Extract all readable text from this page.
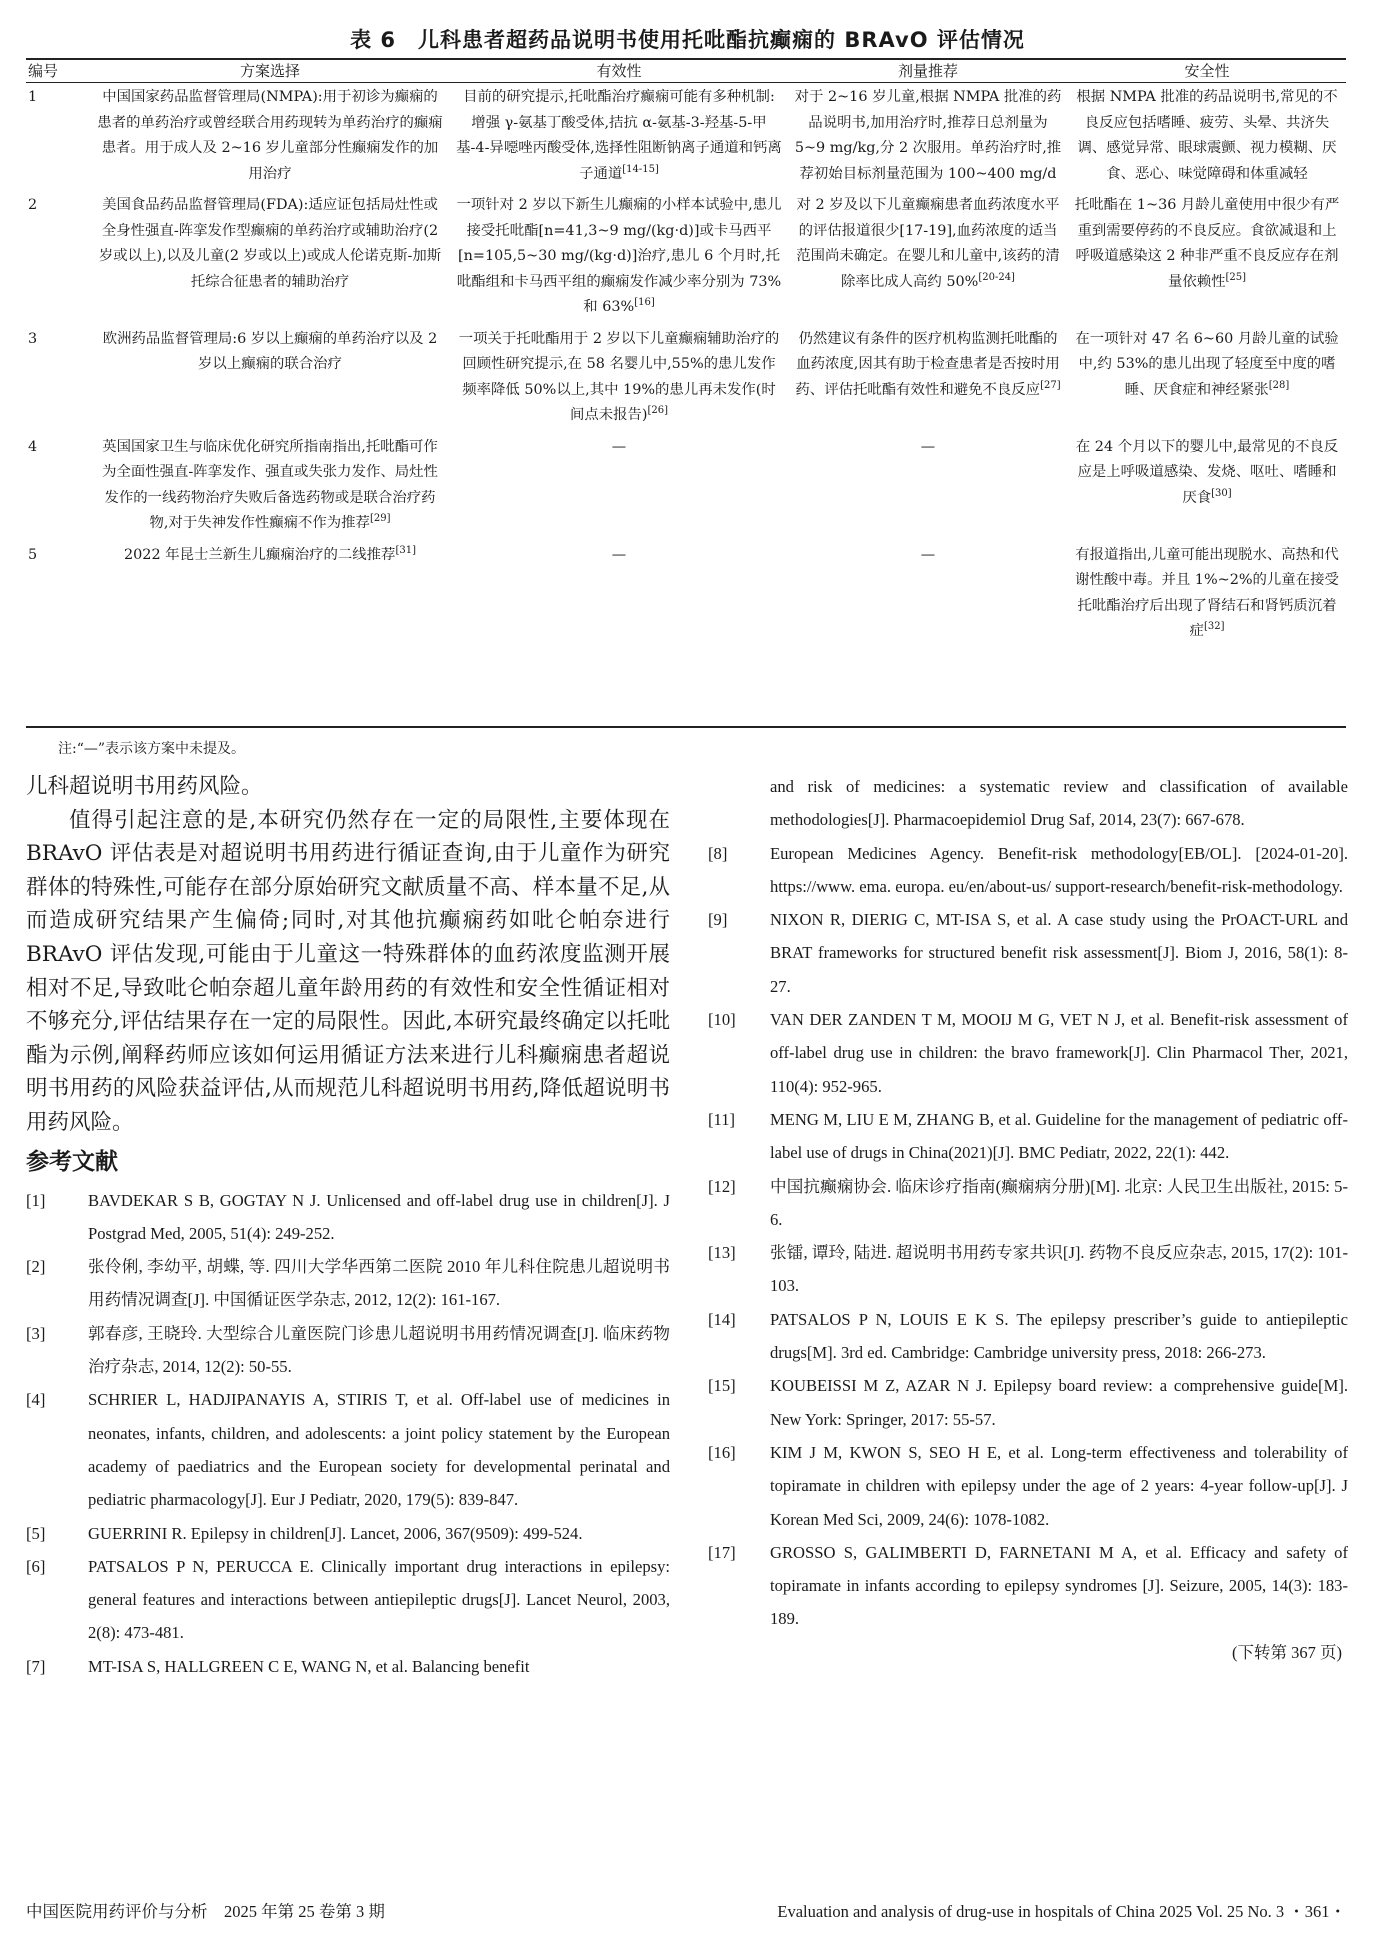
表 6　儿科患者超药品说明书使用托吡酯抗癫痫的 BRAvO 评估情况
编号	方案选择	有效性	剂量推荐	安全性
1	中国国家药品监督管理局(NMPA):用于初诊为癫痫的患者的单药治疗或曾经联合用药现转为单药治疗的癫痫患者。用于成人及 2~16 岁儿童部分性癫痫发作的加用治疗	目前的研究提示,托吡酯治疗癫痫可能有多种机制:增强 γ-氨基丁酸受体,拮抗 α-氨基-3-羟基-5-甲基-4-异噁唑丙酸受体,选择性阻断钠离子通道和钙离子通道[14-15]	对于 2~16 岁儿童,根据 NMPA 批准的药品说明书,加用治疗时,推荐日总剂量为 5~9 mg/kg,分 2 次服用。单药治疗时,推荐初始目标剂量范围为 100~400 mg/d	根据 NMPA 批准的药品说明书,常见的不良反应包括嗜睡、疲劳、头晕、共济失调、感觉异常、眼球震颤、视力模糊、厌食、恶心、味觉障碍和体重减轻
2	美国食品药品监督管理局(FDA):适应证包括局灶性或全身性强直-阵挛发作型癫痫的单药治疗或辅助治疗(2 岁或以上),以及儿童(2 岁或以上)或成人伦诺克斯-加斯托综合征患者的辅助治疗	一项针对 2 岁以下新生儿癫痫的小样本试验中,患儿接受托吡酯[n=41,3~9 mg/(kg·d)]或卡马西平[n=105,5~30 mg/(kg·d)]治疗,患儿 6 个月时,托吡酯组和卡马西平组的癫痫发作减少率分别为 73%和 63%[16]	对 2 岁及以下儿童癫痫患者血药浓度水平的评估报道很少[17-19],血药浓度的适当范围尚未确定。在婴儿和儿童中,该药的清除率比成人高约 50%[20-24]	托吡酯在 1~36 月龄儿童使用中很少有严重到需要停药的不良反应。食欲减退和上呼吸道感染这 2 种非严重不良反应存在剂量依赖性[25]
3	欧洲药品监督管理局:6 岁以上癫痫的单药治疗以及 2 岁以上癫痫的联合治疗	一项关于托吡酯用于 2 岁以下儿童癫痫辅助治疗的回顾性研究提示,在 58 名婴儿中,55%的患儿发作频率降低 50%以上,其中 19%的患儿再未发作(时间点未报告)[26]	仍然建议有条件的医疗机构监测托吡酯的血药浓度,因其有助于检查患者是否按时用药、评估托吡酯有效性和避免不良反应[27]	在一项针对 47 名 6~60 月龄儿童的试验中,约 53%的患儿出现了轻度至中度的嗜睡、厌食症和神经紧张[28]
4	英国国家卫生与临床优化研究所指南指出,托吡酯可作为全面性强直-阵挛发作、强直或失张力发作、局灶性发作的一线药物治疗失败后备选药物或是联合治疗药物,对于失神发作性癫痫不作为推荐[29]	—	—	在 24 个月以下的婴儿中,最常见的不良反应是上呼吸道感染、发烧、呕吐、嗜睡和厌食[30]
5	2022 年昆士兰新生儿癫痫治疗的二线推荐[31]	—	—	有报道指出,儿童可能出现脱水、高热和代谢性酸中毒。并且 1%~2%的儿童在接受托吡酯治疗后出现了肾结石和肾钙质沉着症[32]
注:“—”表示该方案中未提及。

儿科超说明书用药风险。

值得引起注意的是,本研究仍然存在一定的局限性,主要体现在 BRAvO 评估表是对超说明书用药进行循证查询,由于儿童作为研究群体的特殊性,可能存在部分原始研究文献质量不高、样本量不足,从而造成研究结果产生偏倚;同时,对其他抗癫痫药如吡仑帕奈进行 BRAvO 评估发现,可能由于儿童这一特殊群体的血药浓度监测开展相对不足,导致吡仑帕奈超儿童年龄用药的有效性和安全性循证相对不够充分,评估结果存在一定的局限性。因此,本研究最终确定以托吡酯为示例,阐释药师应该如何运用循证方法来进行儿科癫痫患者超说明书用药的风险获益评估,从而规范儿科超说明书用药,降低超说明书用药风险。

参考文献
[1]	BAVDEKAR S B, GOGTAY N J. Unlicensed and off-label drug use in children[J]. J Postgrad Med, 2005, 51(4): 249-252.
[2]	张伶俐, 李幼平, 胡蝶, 等. 四川大学华西第二医院 2010 年儿科住院患儿超说明书用药情况调查[J]. 中国循证医学杂志, 2012, 12(2): 161-167.
[3]	郭春彦, 王晓玲. 大型综合儿童医院门诊患儿超说明书用药情况调查[J]. 临床药物治疗杂志, 2014, 12(2): 50-55.
[4]	SCHRIER L, HADJIPANAYIS A, STIRIS T, et al. Off-label use of medicines in neonates, infants, children, and adolescents: a joint policy statement by the European academy of paediatrics and the European society for developmental perinatal and pediatric pharmacology[J]. Eur J Pediatr, 2020, 179(5): 839-847.
[5]	GUERRINI R. Epilepsy in children[J]. Lancet, 2006, 367(9509): 499-524.
[6]	PATSALOS P N, PERUCCA E. Clinically important drug interactions in epilepsy: general features and interactions between antiepileptic drugs[J]. Lancet Neurol, 2003, 2(8): 473-481.
[7]	MT-ISA S, HALLGREEN C E, WANG N, et al. Balancing benefit
and risk of medicines: a systematic review and classification of available methodologies[J]. Pharmacoepidemiol Drug Saf, 2014, 23(7): 667-678.
[8]	European Medicines Agency. Benefit-risk methodology[EB/OL]. [2024-01-20]. https://www. ema. europa. eu/en/about-us/ support-research/benefit-risk-methodology.
[9]	NIXON R, DIERIG C, MT-ISA S, et al. A case study using the PrOACT-URL and BRAT frameworks for structured benefit risk assessment[J]. Biom J, 2016, 58(1): 8-27.
[10]	VAN DER ZANDEN T M, MOOIJ M G, VET N J, et al. Benefit-risk assessment of off-label drug use in children: the bravo framework[J]. Clin Pharmacol Ther, 2021, 110(4): 952-965.
[11]	MENG M, LIU E M, ZHANG B, et al. Guideline for the management of pediatric off-label use of drugs in China(2021)[J]. BMC Pediatr, 2022, 22(1): 442.
[12]	中国抗癫痫协会. 临床诊疗指南(癫痫病分册)[M]. 北京: 人民卫生出版社, 2015: 5-6.
[13]	张镭, 谭玲, 陆进. 超说明书用药专家共识[J]. 药物不良反应杂志, 2015, 17(2): 101-103.
[14]	PATSALOS P N, LOUIS E K S. The epilepsy prescriber’s guide to antiepileptic drugs[M]. 3rd ed. Cambridge: Cambridge university press, 2018: 266-273.
[15]	KOUBEISSI M Z, AZAR N J. Epilepsy board review: a comprehensive guide[M]. New York: Springer, 2017: 55-57.
[16]	KIM J M, KWON S, SEO H E, et al. Long-term effectiveness and tolerability of topiramate in children with epilepsy under the age of 2 years: 4-year follow-up[J]. J Korean Med Sci, 2009, 24(6): 1078-1082.
[17]	GROSSO S, GALIMBERTI D, FARNETANI M A, et al. Efficacy and safety of topiramate in infants according to epilepsy syndromes [J]. Seizure, 2005, 14(3): 183-189.
(下转第 367 页)
中国医院用药评价与分析　2025 年第 25 卷第 3 期	Evaluation and analysis of drug-use in hospitals of China 2025 Vol. 25 No. 3 ・361・
